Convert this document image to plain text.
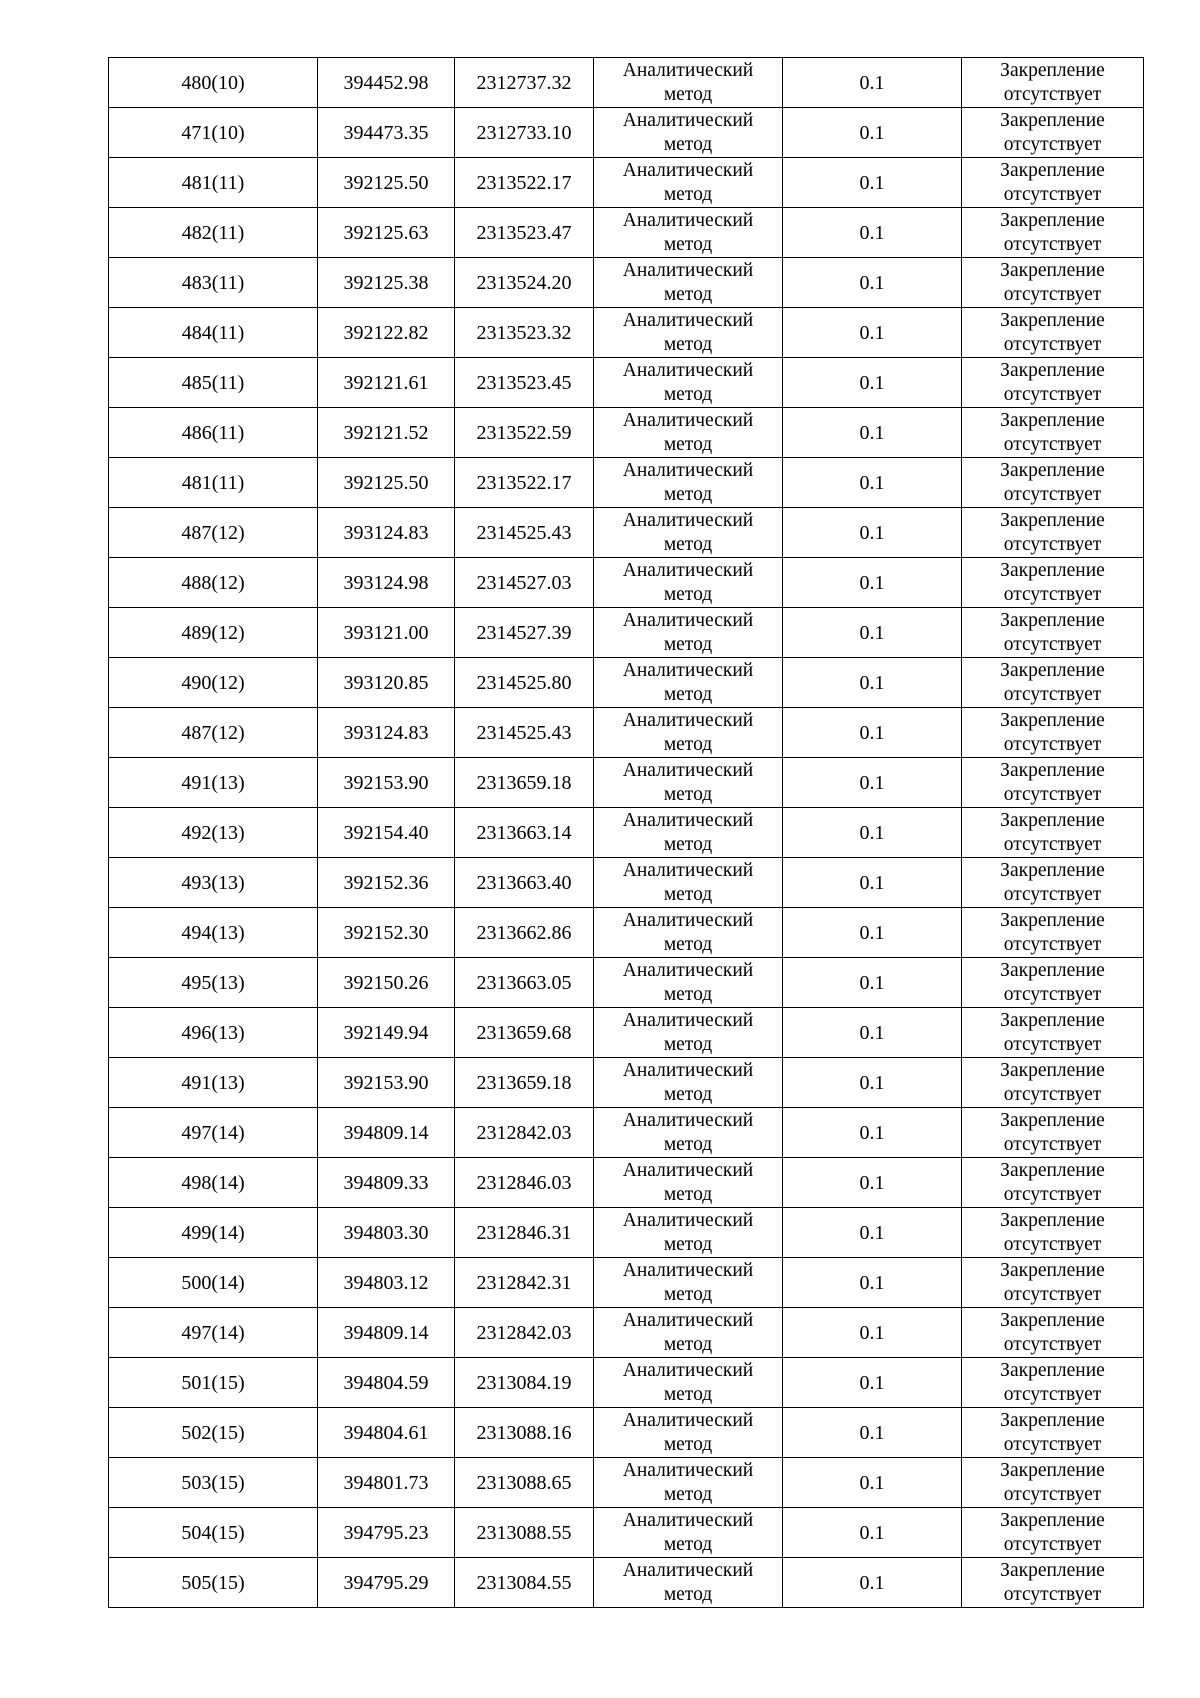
480(10)	394452.98	2312737.32	Аналитический
метод	0.1	Закрепление
отсутствует

471(10)	394473.35	2312733.10	Аналитический
метод	0.1	Закрепление
отсутствует

481(11)	392125.50	2313522.17	Аналитический
метод	0.1	Закрепление
отсутствует

482(11)	392125.63	2313523.47	Аналитический
метод	0.1	Закрепление
отсутствует

483(11)	392125.38	2313524.20	Аналитический
метод	0.1	Закрепление
отсутствует

484(11)	392122.82	2313523.32	Аналитический
метод	0.1	Закрепление
отсутствует

485(11)	392121.61	2313523.45	Аналитический
метод	0.1	Закрепление
отсутствует

486(11)	392121.52	2313522.59	Аналитический
метод	0.1	Закрепление
отсутствует

481(11)	392125.50	2313522.17	Аналитический
метод	0.1	Закрепление
отсутствует

487(12)	393124.83	2314525.43	Аналитический
метод	0.1	Закрепление
отсутствует

488(12)	393124.98	2314527.03	Аналитический
метод	0.1	Закрепление
отсутствует

489(12)	393121.00	2314527.39	Аналитический
метод	0.1	Закрепление
отсутствует

490(12)	393120.85	2314525.80	Аналитический
метод	0.1	Закрепление
отсутствует

487(12)	393124.83	2314525.43	Аналитический
метод	0.1	Закрепление
отсутствует

491(13)	392153.90	2313659.18	Аналитический
метод	0.1	Закрепление
отсутствует

492(13)	392154.40	2313663.14	Аналитический
метод	0.1	Закрепление
отсутствует

493(13)	392152.36	2313663.40	Аналитический
метод	0.1	Закрепление
отсутствует

494(13)	392152.30	2313662.86	Аналитический
метод	0.1	Закрепление
отсутствует

495(13)	392150.26	2313663.05	Аналитический
метод	0.1	Закрепление
отсутствует

496(13)	392149.94	2313659.68	Аналитический
метод	0.1	Закрепление
отсутствует

491(13)	392153.90	2313659.18	Аналитический
метод	0.1	Закрепление
отсутствует

497(14)	394809.14	2312842.03	Аналитический
метод	0.1	Закрепление
отсутствует

498(14)	394809.33	2312846.03	Аналитический
метод	0.1	Закрепление
отсутствует

499(14)	394803.30	2312846.31	Аналитический
метод	0.1	Закрепление
отсутствует

500(14)	394803.12	2312842.31	Аналитический
метод	0.1	Закрепление
отсутствует

497(14)	394809.14	2312842.03	Аналитический
метод	0.1	Закрепление
отсутствует

501(15)	394804.59	2313084.19	Аналитический
метод	0.1	Закрепление
отсутствует

502(15)	394804.61	2313088.16	Аналитический
метод	0.1	Закрепление
отсутствует

503(15)	394801.73	2313088.65	Аналитический
метод	0.1	Закрепление
отсутствует

504(15)	394795.23	2313088.55	Аналитический
метод	0.1	Закрепление
отсутствует

505(15)	394795.29	2313084.55	Аналитический
метод	0.1	Закрепление
отсутствует
